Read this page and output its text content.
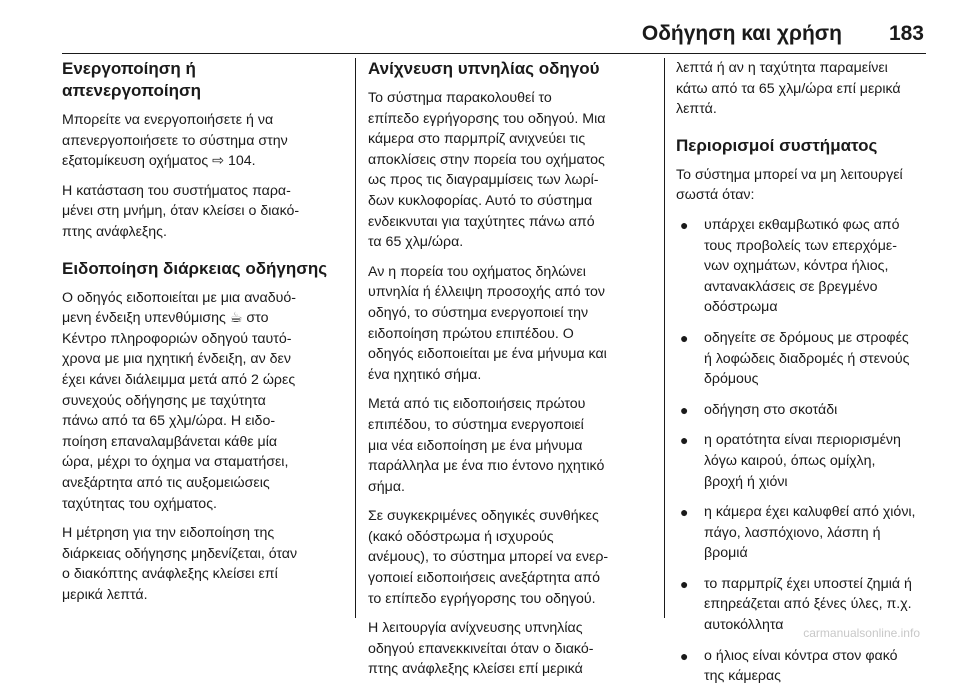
Οδήγηση και χρήση 183
Ενεργοποίηση ή
απενεργοποίηση

Μπορείτε να ενεργοποιήσετε ή να
απενεργοποιήσετε το σύστημα στην
εξατομίκευση οχήματος ⇨ 104.

Η κατάσταση του συστήματος παρα‐
μένει στη μνήμη, όταν κλείσει ο διακό‐
πτης ανάφλεξης.

Ειδοποίηση διάρκειας οδήγησης

Ο οδηγός ειδοποιείται με μια αναδυό‐
μενη ένδειξη υπενθύμισης ☕ στο
Κέντρο πληροφοριών οδηγού ταυτό‐
χρονα με μια ηχητική ένδειξη, αν δεν
έχει κάνει διάλειμμα μετά από 2 ώρες
συνεχούς οδήγησης με ταχύτητα
πάνω από τα 65 χλμ/ώρα. Η ειδο‐
ποίηση επαναλαμβάνεται κάθε μία
ώρα, μέχρι το όχημα να σταματήσει,
ανεξάρτητα από τις αυξομειώσεις
ταχύτητας του οχήματος.

Η μέτρηση για την ειδοποίηση της
διάρκειας οδήγησης μηδενίζεται, όταν
ο διακόπτης ανάφλεξης κλείσει επί
μερικά λεπτά.

Ανίχνευση υπνηλίας οδηγού

Το σύστημα παρακολουθεί το
επίπεδο εγρήγορσης του οδηγού. Μια
κάμερα στο παρμπρίζ ανιχνεύει τις
αποκλίσεις στην πορεία του οχήματος
ως προς τις διαγραμμίσεις των λωρί‐
δων κυκλοφορίας. Αυτό το σύστημα
ενδεικνυται για ταχύτητες πάνω από
τα 65 χλμ/ώρα.

Αν η πορεία του οχήματος δηλώνει
υπνηλία ή έλλειψη προσοχής από τον
οδηγό, το σύστημα ενεργοποιεί την
ειδοποίηση πρώτου επιπέδου. Ο
οδηγός ειδοποιείται με ένα μήνυμα και
ένα ηχητικό σήμα.

Μετά από τις ειδοποιήσεις πρώτου
επιπέδου, το σύστημα ενεργοποιεί
μια νέα ειδοποίηση με ένα μήνυμα
παράλληλα με ένα πιο έντονο ηχητικό
σήμα.

Σε συγκεκριμένες οδηγικές συνθήκες
(κακό οδόστρωμα ή ισχυρούς
ανέμους), το σύστημα μπορεί να ενερ‐
γοποιεί ειδοποιήσεις ανεξάρτητα από
το επίπεδο εγρήγορσης του οδηγού.

Η λειτουργία ανίχνευσης υπνηλίας
οδηγού επανεκκινείται όταν ο διακό‐
πτης ανάφλεξης κλείσει επί μερικά

λεπτά ή αν η ταχύτητα παραμείνει
κάτω από τα 65 χλμ/ώρα επί μερικά
λεπτά.

Περιορισμοί συστήματος

Το σύστημα μπορεί να μη λειτουργεί
σωστά όταν:

● υπάρχει εκθαμβωτικό φως από
τους προβολείς των επερχόμε‐
νων οχημάτων, κόντρα ήλιος,
αντανακλάσεις σε βρεγμένο
οδόστρωμα
● οδηγείτε σε δρόμους με στροφές
ή λοφώδεις διαδρομές ή στενούς
δρόμους
● οδήγηση στο σκοτάδι
● η ορατότητα είναι περιορισμένη
λόγω καιρού, όπως ομίχλη,
βροχή ή χιόνι
● η κάμερα έχει καλυφθεί από χιόνι,
πάγο, λασπόχιονο, λάσπη ή
βρομιά
● το παρμπρίζ έχει υποστεί ζημιά ή
επηρεάζεται από ξένες ύλες, π.χ.
αυτοκόλλητα
● ο ήλιος είναι κόντρα στον φακό
της κάμερας
carmanualsonline.info
